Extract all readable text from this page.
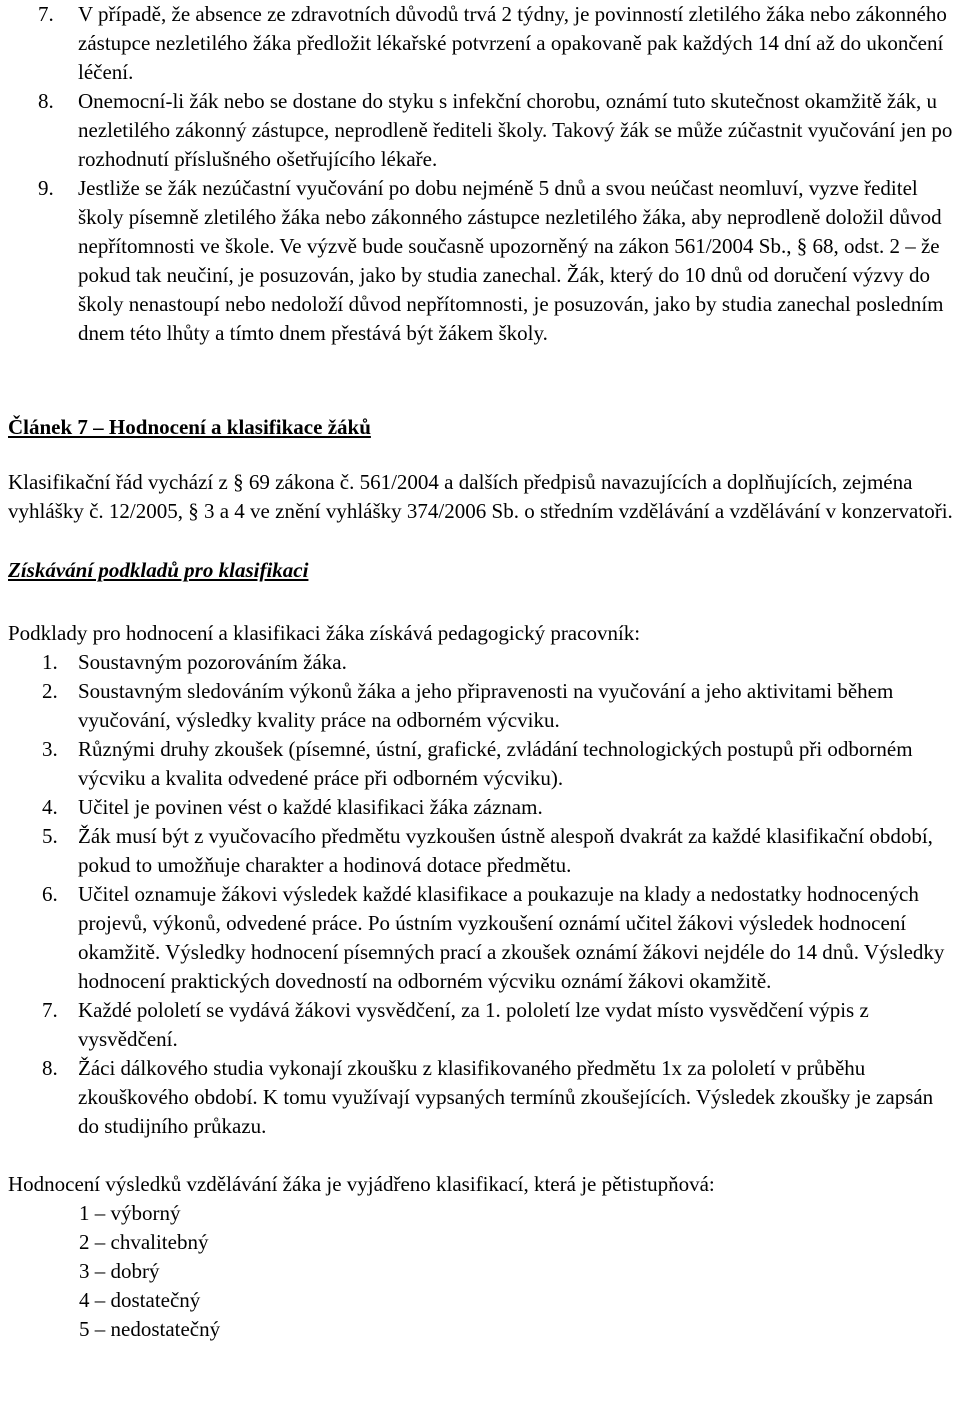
7. V případě, že absence ze zdravotních důvodů trvá 2 týdny, je povinností zletilého žáka nebo zákonného zástupce nezletilého žáka předložit lékařské potvrzení a opakovaně pak každých 14 dní až do ukončení léčení.
8. Onemocní-li žák nebo se dostane do styku s infekční chorobu, oznámí tuto skutečnost okamžitě žák, u nezletilého zákonný zástupce, neprodleně řediteli školy. Takový žák se může zúčastnit vyučování jen po rozhodnutí příslušného ošetřujícího lékaře.
9. Jestliže se žák nezúčastní vyučování po dobu nejméně 5 dnů a svou neúčast neomluví, vyzve ředitel školy písemně zletilého žáka nebo zákonného zástupce nezletilého žáka, aby neprodleně doložil důvod nepřítomnosti ve škole. Ve výzvě bude současně upozorněný na zákon 561/2004 Sb., § 68, odst. 2 – že pokud tak neučiní, je posuzován, jako by studia zanechal. Žák, který do 10 dnů od doručení výzvy do školy nenastoupí nebo nedoloží důvod nepřítomnosti, je posuzován, jako by studia zanechal posledním dnem této lhůty a tímto dnem přestává být žákem školy.
Článek 7 – Hodnocení a klasifikace žáků
Klasifikační řád vychází z § 69 zákona č. 561/2004 a dalších předpisů navazujících a doplňujících, zejména vyhlášky č. 12/2005, § 3 a 4 ve znění vyhlášky 374/2006 Sb. o středním vzdělávání a vzdělávání v konzervatoři.
Získávání podkladů pro klasifikaci
Podklady pro hodnocení a klasifikaci žáka získává pedagogický pracovník:
1. Soustavným pozorováním žáka.
2. Soustavným sledováním výkonů žáka a jeho připravenosti na vyučování a jeho aktivitami během vyučování, výsledky kvality práce na odborném výcviku.
3. Různými druhy zkoušek (písemné, ústní, grafické, zvládání technologických postupů při odborném výcviku a kvalita odvedené práce při odborném výcviku).
4. Učitel je povinen vést o každé klasifikaci žáka záznam.
5. Žák musí být z vyučovacího předmětu vyzkoušen ústně alespoň dvakrát za každé klasifikační období, pokud to umožňuje charakter a hodinová dotace předmětu.
6. Učitel oznamuje žákovi výsledek každé klasifikace a poukazuje na klady a nedostatky hodnocených projevů, výkonů, odvedené práce. Po ústním vyzkoušení oznámí učitel žákovi výsledek hodnocení okamžitě. Výsledky hodnocení písemných prací a zkoušek oznámí žákovi nejdéle do 14 dnů. Výsledky hodnocení praktických dovedností na odborném výcviku oznámí žákovi okamžitě.
7. Každé pololetí se vydává žákovi vysvědčení, za 1. pololetí lze vydat místo vysvědčení výpis z vysvědčení.
8. Žáci dálkového studia vykonají zkoušku z klasifikovaného předmětu 1x za pololetí v průběhu zkouškového období. K tomu využívají vypsaných termínů zkoušejících. Výsledek zkoušky je zapsán do studijního průkazu.
Hodnocení výsledků vzdělávání žáka je vyjádřeno klasifikací, která je pětistupňová:
1 – výborný
2 – chvalitebný
3 – dobrý
4 – dostatečný
5 – nedostatečný
